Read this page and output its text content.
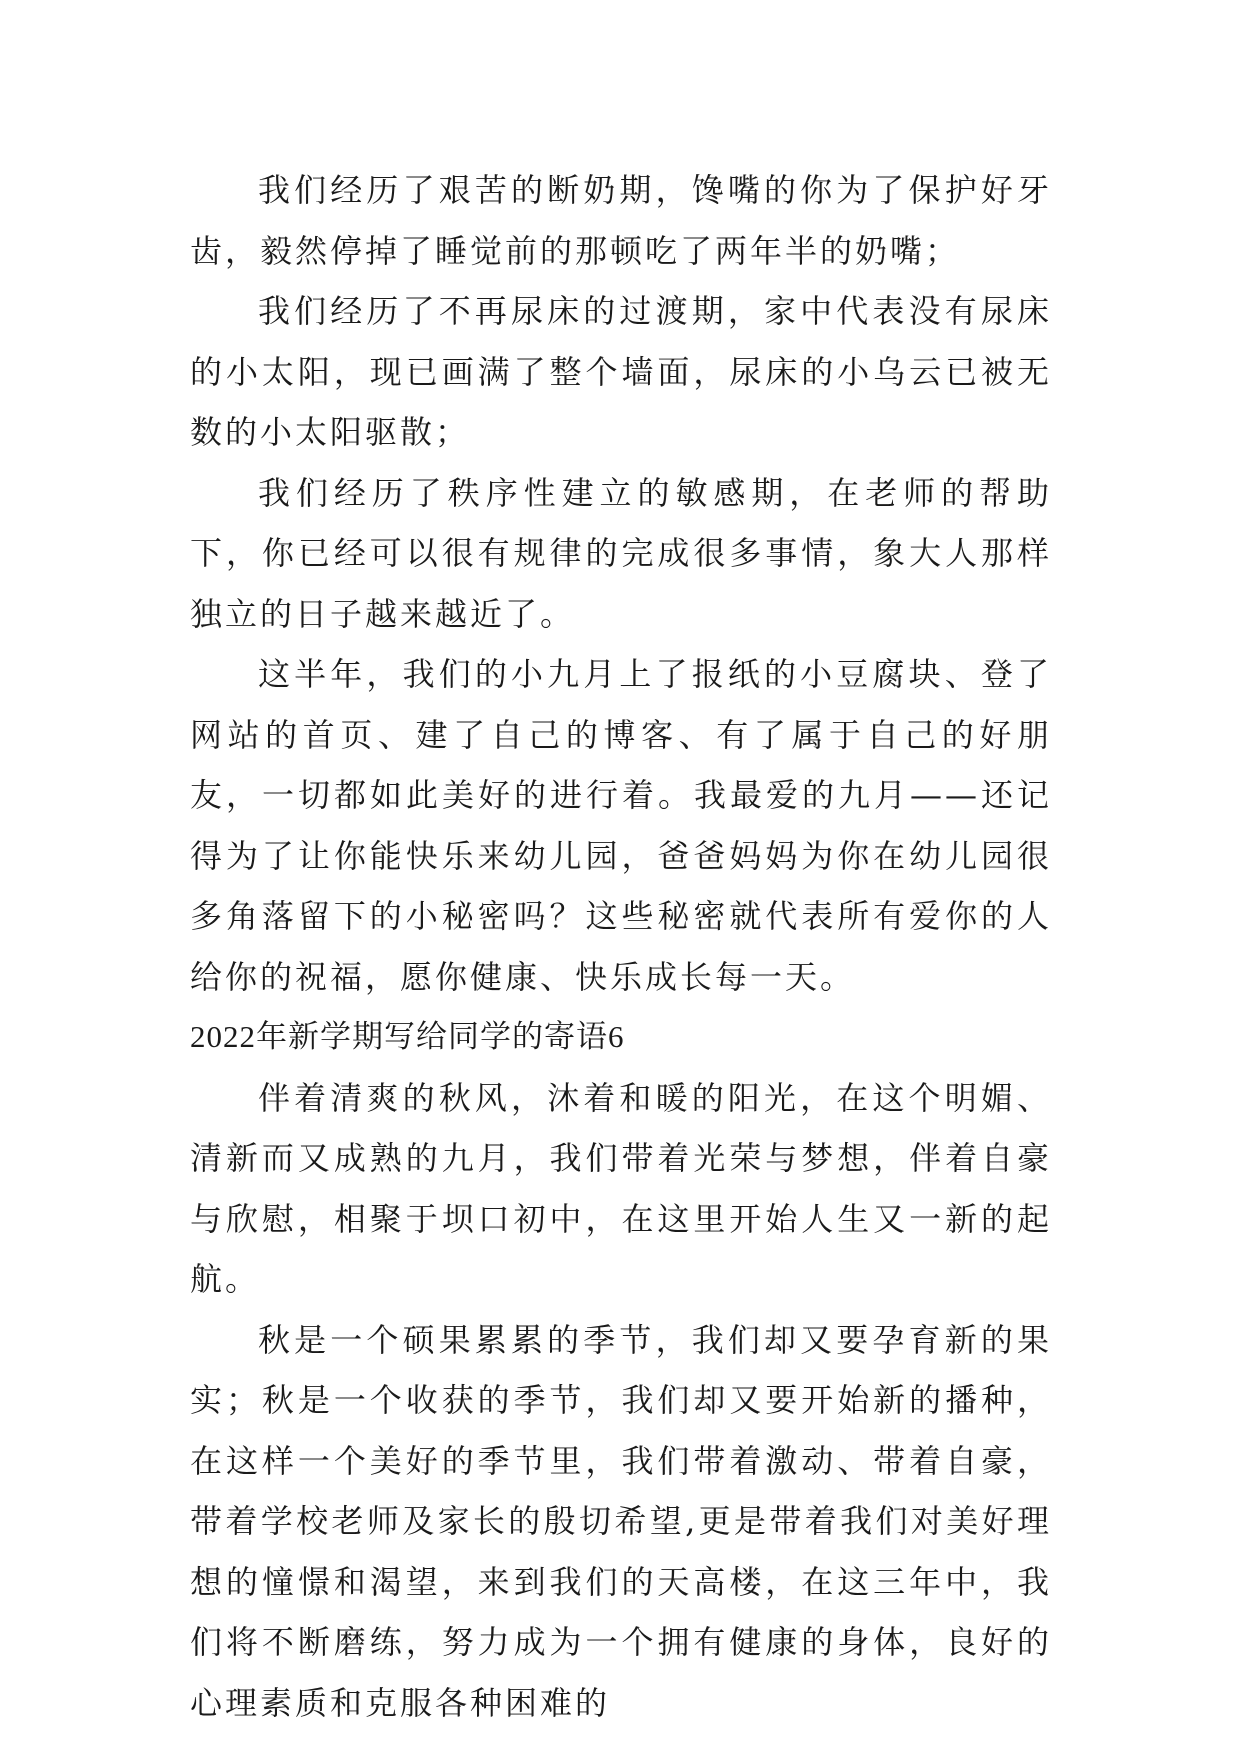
我们经历了艰苦的断奶期，馋嘴的你为了保护好牙齿，毅然停掉了睡觉前的那顿吃了两年半的奶嘴；

我们经历了不再尿床的过渡期，家中代表没有尿床的小太阳，现已画满了整个墙面，尿床的小乌云已被无数的小太阳驱散；

我们经历了秩序性建立的敏感期，在老师的帮助下，你已经可以很有规律的完成很多事情，象大人那样独立的日子越来越近了。

这半年，我们的小九月上了报纸的小豆腐块、登了网站的首页、建了自己的博客、有了属于自己的好朋友，一切都如此美好的进行着。我最爱的九月——还记得为了让你能快乐来幼儿园，爸爸妈妈为你在幼儿园很多角落留下的小秘密吗？这些秘密就代表所有爱你的人给你的祝福，愿你健康、快乐成长每一天。

2022年新学期写给同学的寄语6

伴着清爽的秋风，沐着和暖的阳光，在这个明媚、清新而又成熟的九月，我们带着光荣与梦想，伴着自豪与欣慰，相聚于坝口初中，在这里开始人生又一新的起航。

秋是一个硕果累累的季节，我们却又要孕育新的果实；秋是一个收获的季节，我们却又要开始新的播种，在这样一个美好的季节里，我们带着激动、带着自豪，带着学校老师及家长的殷切希望,更是带着我们对美好理想的憧憬和渴望，来到我们的天高楼，在这三年中，我们将不断磨练，努力成为一个拥有健康的身体，良好的心理素质和克服各种困难的
